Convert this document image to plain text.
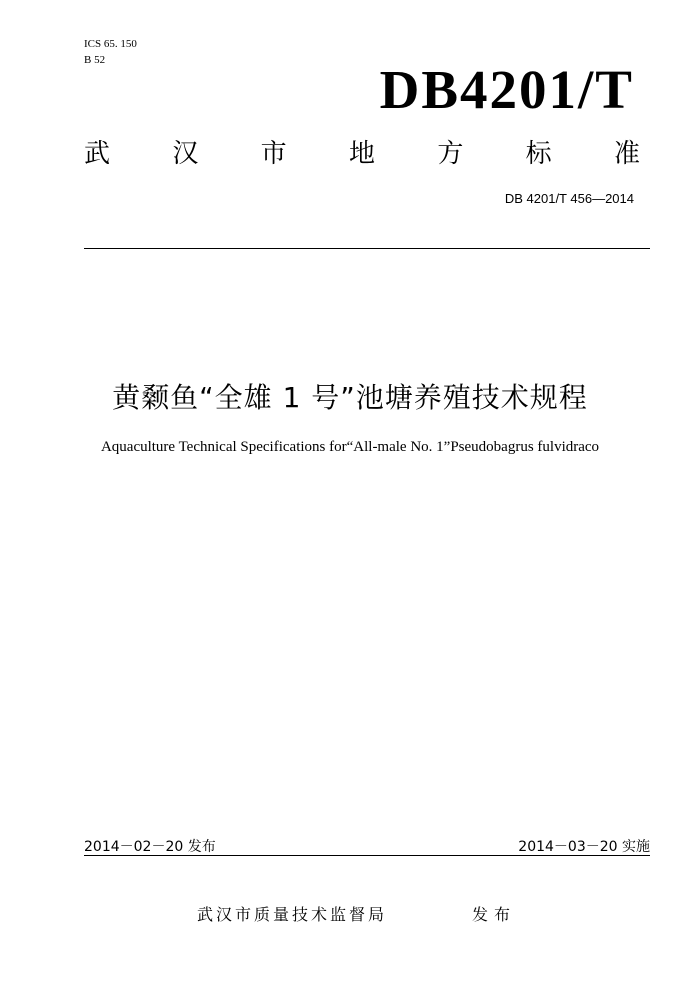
ICS 65. 150
B 52	DB4201/T
武 汉 市 地 方 标 准
DB 4201/T 456—2014
黄颡鱼“全雄 1 号”池塘养殖技术规程
Aquaculture Technical Specifications for“All-male No. 1”Pseudobagrus fulvidraco
2014－02－20 发布	2014－03－20 实施
武汉市质量技术监督局	发布
